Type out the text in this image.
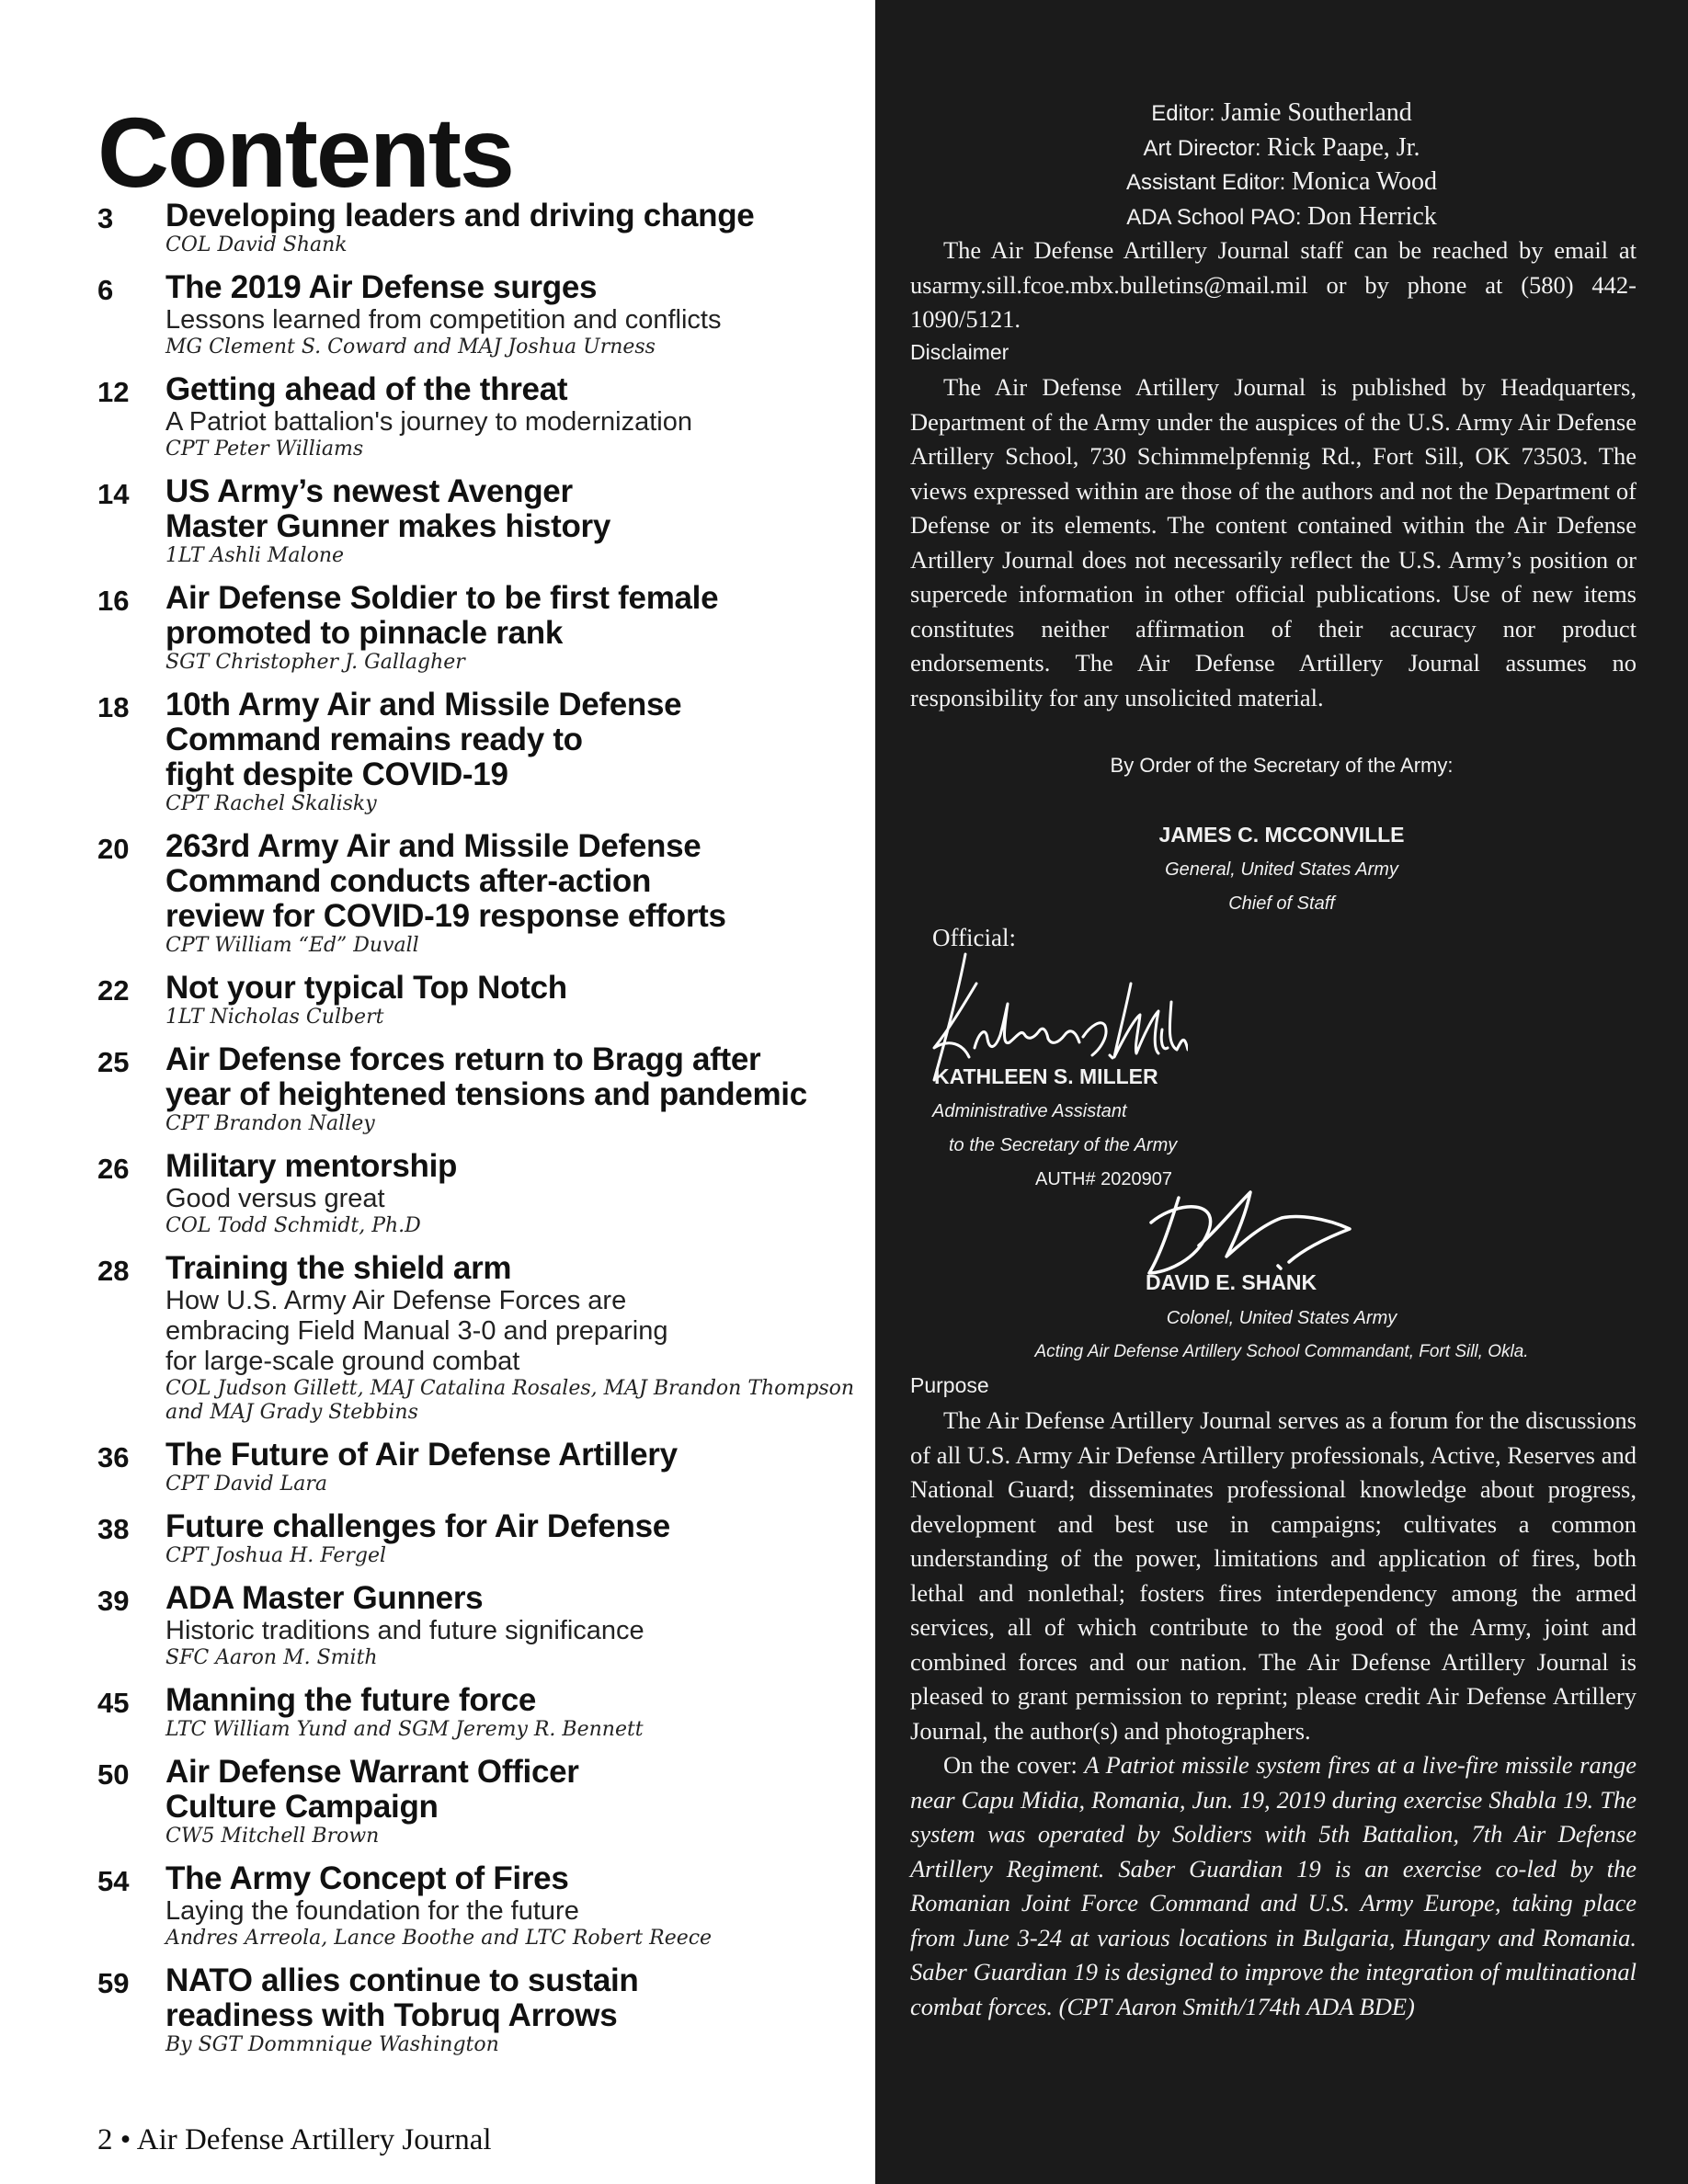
Contents
3	Developing leaders and driving change
COL David Shank
6	The 2019 Air Defense surges
Lessons learned from competition and conflicts
MG Clement S. Coward and MAJ Joshua Urness
12	Getting ahead of the threat
A Patriot battalion's journey to modernization
CPT Peter Williams
14	US Army’s newest Avenger
Master Gunner makes history
1LT Ashli Malone
16	Air Defense Soldier to be first female
promoted to pinnacle rank
SGT Christopher J. Gallagher
18	10th Army Air and Missile Defense
Command remains ready to
fight despite COVID-19
CPT Rachel Skalisky
20	263rd Army Air and Missile Defense
Command conducts after-action
review for COVID-19 response efforts
CPT William “Ed” Duvall
22	Not your typical Top Notch
1LT Nicholas Culbert
25	Air Defense forces return to Bragg after
year of heightened tensions and pandemic
CPT Brandon Nalley
26	Military mentorship
Good versus great
COL Todd Schmidt, Ph.D
28	Training the shield arm
How U.S. Army Air Defense Forces are
embracing Field Manual 3-0 and preparing
for large-scale ground combat
COL Judson Gillett, MAJ Catalina Rosales, MAJ Brandon Thompson
and MAJ Grady Stebbins
36	The Future of Air Defense Artillery
CPT David Lara
38	Future challenges for Air Defense
CPT Joshua H. Fergel
39	ADA Master Gunners
Historic traditions and future significance
SFC Aaron M. Smith
45	Manning the future force
LTC William Yund and SGM Jeremy R. Bennett
50	Air Defense Warrant Officer
Culture Campaign
CW5 Mitchell Brown
54	The Army Concept of Fires
Laying the foundation for the future
Andres Arreola, Lance Boothe and LTC Robert Reece
59	NATO allies continue to sustain
readiness with Tobruq Arrows
By SGT Dommnique Washington
2 • Air Defense Artillery Journal
Editor: Jamie Southerland
Art Director: Rick Paape, Jr.
Assistant Editor: Monica Wood
ADA School PAO: Don Herrick

The Air Defense Artillery Journal staff can be reached by email at usarmy.sill.fcoe.mbx.bulletins@mail.mil or by phone at (580) 442-1090/5121.

Disclaimer

The Air Defense Artillery Journal is published by Headquarters, Department of the Army under the auspices of the U.S. Army Air Defense Artillery School, 730 Schimmelpfennig Rd., Fort Sill, OK 73503. The views expressed within are those of the authors and not the Department of Defense or its elements. The content contained within the Air Defense Artillery Journal does not necessarily reflect the U.S. Army’s position or supercede information in other official publications. Use of new items constitutes neither affirmation of their accuracy nor product endorsements. The Air Defense Artillery Journal assumes no responsibility for any unsolicited material.

By Order of the Secretary of the Army:
JAMES C. MCCONVILLE
General, United States Army
Chief of Staff
Official:
KATHLEEN S. MILLER
Administrative Assistant
to the Secretary of the Army
AUTH# 2020907
DAVID E. SHANK
Colonel, United States Army
Acting Air Defense Artillery School Commandant, Fort Sill, Okla.
Purpose

The Air Defense Artillery Journal serves as a forum for the discussions of all U.S. Army Air Defense Artillery professionals, Active, Reserves and National Guard; disseminates professional knowledge about progress, development and best use in campaigns; cultivates a common understanding of the power, limitations and application of fires, both lethal and nonlethal; fosters fires interdependency among the armed services, all of which contribute to the good of the Army, joint and combined forces and our nation. The Air Defense Artillery Journal is pleased to grant permission to reprint; please credit Air Defense Artillery Journal, the author(s) and photographers.

On the cover: A Patriot missile system fires at a live-fire missile range near Capu Midia, Romania, Jun. 19, 2019 during exercise Shabla 19. The system was operated by Soldiers with 5th Battalion, 7th Air Defense Artillery Regiment. Saber Guardian 19 is an exercise co-led by the Romanian Joint Force Command and U.S. Army Europe, taking place from June 3-24 at various locations in Bulgaria, Hungary and Romania. Saber Guardian 19 is designed to improve the integration of multinational combat forces. (CPT Aaron Smith/174th ADA BDE)
